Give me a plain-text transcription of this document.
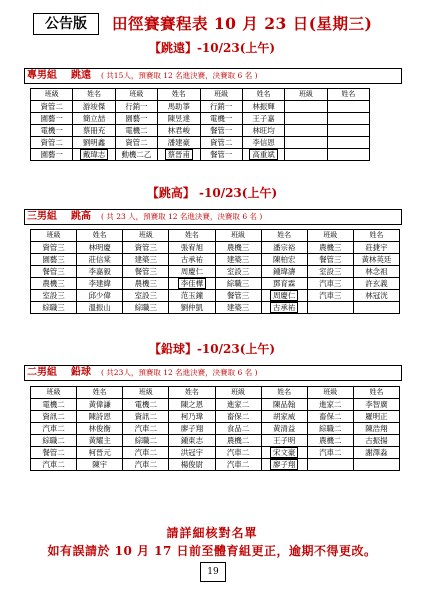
公告版	田徑賽賽程表 10 月 23 日(星期三)
【跳遠】-10/23(上午)
專男組 跳遠 ( 共15人，預賽取 12 名進決賽，決賽取 6 名 )
班級	姓名	班級	姓名	班級	姓名	班級	姓名
資管二	游竣傑	行銷一	馬助箏	行銷一	林振輝		
園藝一	簡立喆	園藝一	陳昱達	電機一	王子嘉		
電機一	蔡冊充	電機二	林君峻	餐管一	林旺均		
資管二	劉明鑫	資管二	潘建豪	資管二	李信恩		
園藝一	戴瑋志	動機二乙	蔡晉甫	餐管一	高重斌		
【跳高】 -10/23(上午)
三男組 跳高 ( 共 23 人，預賽取 12 名進決賽，決賽取 6 名 )
班級	姓名	班級	姓名	班級	姓名	班級	姓名
資管三	林明慶	資管三	張宥旭	農機三	潘宗裕	農機三	莊捷宇
園藝三	莊信棠	建築三	古承祐	建築三	陳柏宏	餐管三	黃林英廷
餐管三	李嘉毅	餐管三	周慶仁	室設三	鍾瑋濤	室設三	林念祖
農機三	李建緯	農機三	李佳樺	綜職三	鄧育霖	汽車三	許玄義
室設三	邱少偉	室設三	范玉鐘	餐管三	周慶仁	汽車三	林冠洸
綜職三	溫振山	綜職三	劉仲凱	建築三	古承祐		
【鉛球】-10/23(上午)
二男組 鉛球 ( 共23人，預賽取 12 名進決賽，決賽取 6 名 )
班級	姓名	班級	姓名	班級	姓名	班級	姓名
電機二	黃偉謙	電機二	陳之恩	進家二	陳品翰	進家二	李智廣
資訊二	陳詩恩	資訊二	柯乃瑋	畜保二	胡家威	畜保二	羅明正
汽車二	林俊衡	汽車二	廖子翔	食品二	黃清益	綜職二	陳浩翔
綜職二	黃耀主	綜職二	鍾東志	農機二	王子明	農機二	古振揚
餐管二	柯晉元	汽車二	洪冠宇	汽車二	宋文豪	汽車二	謝澤淼
汽車二	陳宇	汽車二	楊俊尉	汽車二	廖子翔		
請詳細核對名單
如有誤請於 10 月 17 日前至體育組更正，逾期不得更改。
19
